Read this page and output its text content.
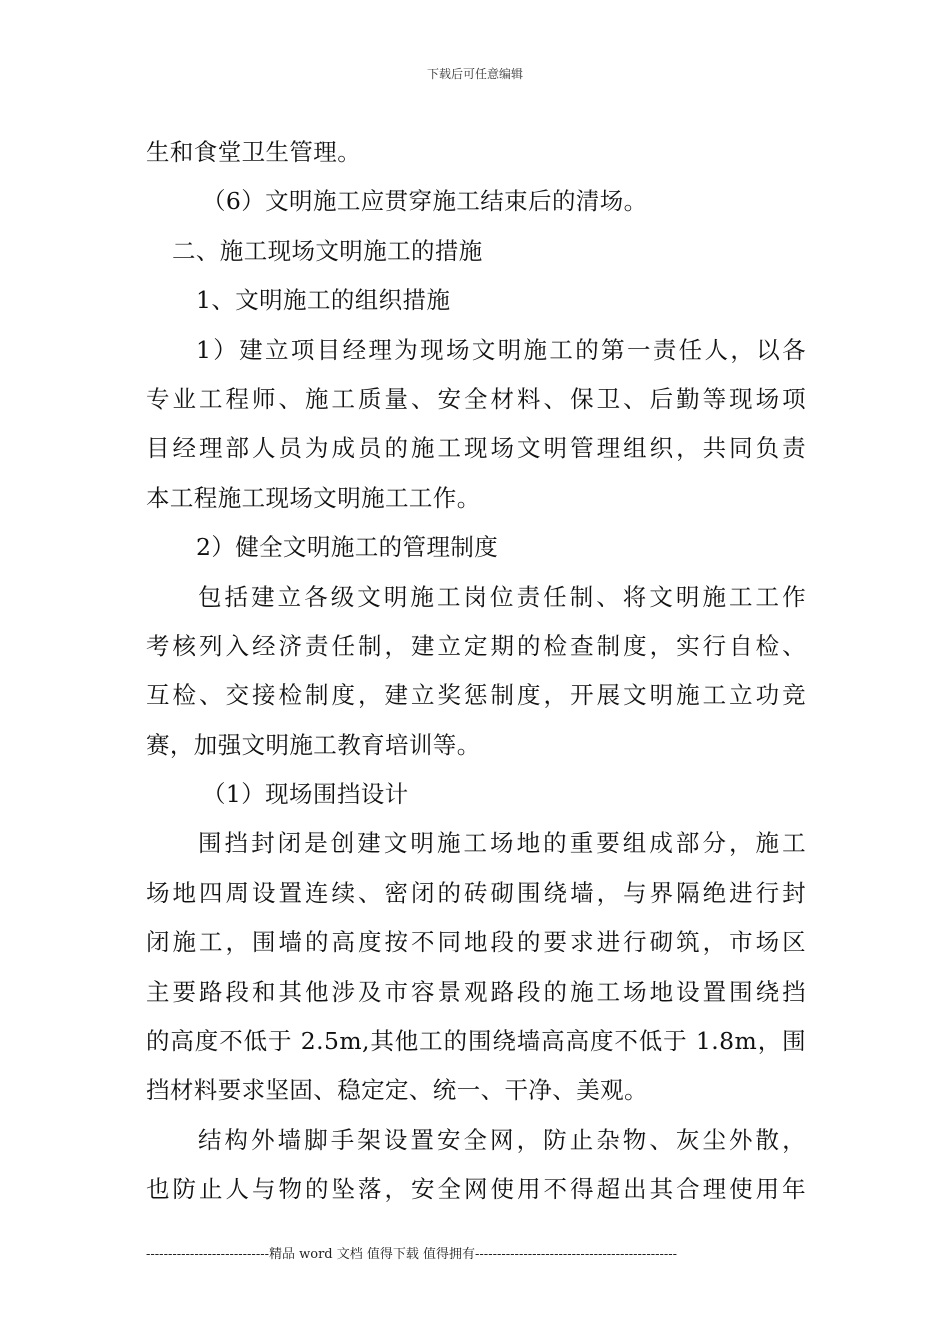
下载后可任意编辑
生和食堂卫生管理。
（6）文明施工应贯穿施工结束后的清场。
二、施工现场文明施工的措施
1、文明施工的组织措施
1）建立项目经理为现场文明施工的第一责任人，以各
专业工程师、施工质量、安全材料、保卫、后勤等现场项
目经理部人员为成员的施工现场文明管理组织，共同负责
本工程施工现场文明施工工作。
2）健全文明施工的管理制度
包括建立各级文明施工岗位责任制、将文明施工工作
考核列入经济责任制，建立定期的检查制度，实行自检、
互检、交接检制度，建立奖惩制度，开展文明施工立功竞
赛，加强文明施工教育培训等。
（1）现场围挡设计
围挡封闭是创建文明施工场地的重要组成部分，施工
场地四周设置连续、密闭的砖砌围绕墙，与界隔绝进行封
闭施工，围墙的高度按不同地段的要求进行砌筑，市场区
主要路段和其他涉及市容景观路段的施工场地设置围绕挡
的高度不低于 2.5m,其他工的围绕墙高高度不低于 1.8m，围
挡材料要求坚固、稳定定、统一、干净、美观。
结构外墙脚手架设置安全网，防止杂物、灰尘外散，
也防止人与物的坠落，安全网使用不得超出其合理使用年
----------------------------精品 word 文档 值得下载 值得拥有----------------------------------------------
